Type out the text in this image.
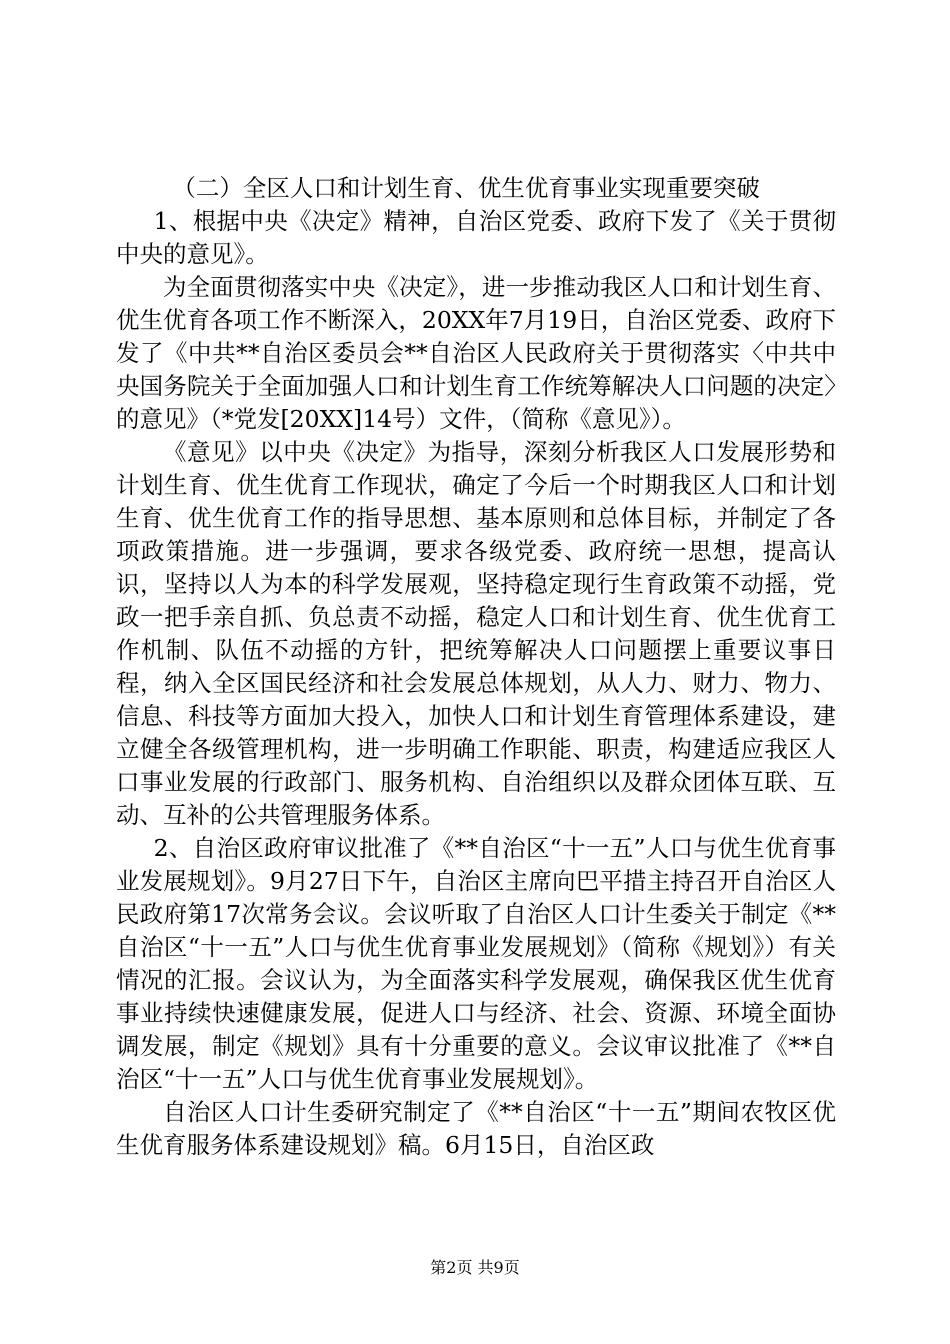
（二）全区人口和计划生育、优生优育事业实现重要突破

1、根据中央《决定》精神，自治区党委、政府下发了《关于贯彻中央的意见》。

为全面贯彻落实中央《决定》，进一步推动我区人口和计划生育、优生优育各项工作不断深入，20XX年7月19日，自治区党委、政府下发了《中共**自治区委员会**自治区人民政府关于贯彻落实〈中共中央国务院关于全面加强人口和计划生育工作统筹解决人口问题的决定〉的意见》（*党发[20XX]14号）文件，（简称《意见》）。

《意见》以中央《决定》为指导，深刻分析我区人口发展形势和计划生育、优生优育工作现状，确定了今后一个时期我区人口和计划生育、优生优育工作的指导思想、基本原则和总体目标，并制定了各项政策措施。进一步强调，要求各级党委、政府统一思想，提高认识，坚持以人为本的科学发展观，坚持稳定现行生育政策不动摇，党政一把手亲自抓、负总责不动摇，稳定人口和计划生育、优生优育工作机制、队伍不动摇的方针，把统筹解决人口问题摆上重要议事日程，纳入全区国民经济和社会发展总体规划，从人力、财力、物力、信息、科技等方面加大投入，加快人口和计划生育管理体系建设，建立健全各级管理机构，进一步明确工作职能、职责，构建适应我区人口事业发展的行政部门、服务机构、自治组织以及群众团体互联、互动、互补的公共管理服务体系。

2、自治区政府审议批准了《**自治区“十一五”人口与优生优育事业发展规划》。9月27日下午，自治区主席向巴平措主持召开自治区人民政府第17次常务会议。会议听取了自治区人口计生委关于制定《**自治区“十一五”人口与优生优育事业发展规划》（简称《规划》）有关情况的汇报。会议认为，为全面落实科学发展观，确保我区优生优育事业持续快速健康发展，促进人口与经济、社会、资源、环境全面协调发展，制定《规划》具有十分重要的意义。会议审议批准了《**自治区“十一五”人口与优生优育事业发展规划》。

自治区人口计生委研究制定了《**自治区“十一五”期间农牧区优生优育服务体系建设规划》稿。6月15日，自治区政

第2页 共9页
